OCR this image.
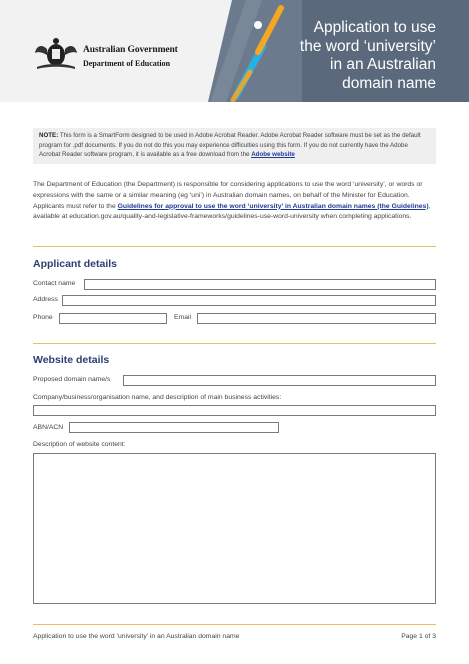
Australian Government
Department of Education
Application to use
the word ‘university’
in an Australian
domain name
NOTE: This form is a SmartForm designed to be used in Adobe Acrobat Reader. Adobe Acrobat Reader software must be set as the default program for .pdf documents. If you do not do this you may experience difficulties using this form. If you do not currently have the Adobe Acrobat Reader software program, it is available as a free download from the Adobe website
The Department of Education (the Department) is responsible for considering applications to use the word ‘university’, or words or expressions with the same or a similar meaning (eg ‘uni’) in Australian domain names, on behalf of the Minister for Education. Applicants must refer to the Guidelines for approval to use the word ‘university’ in Australian domain names (the Guidelines), available at education.gov.au/quality-and-legislative-frameworks/guidelines-use-word-university when completing applications.
Applicant details
Contact name
Address
Phone	Email
Website details
Proposed domain name/s
Company/business/organisation name, and description of main business activities:
ABN/ACN
Description of website content:
Application to use the word ‘university’ in an Australian domain name	Page 1 of 3
